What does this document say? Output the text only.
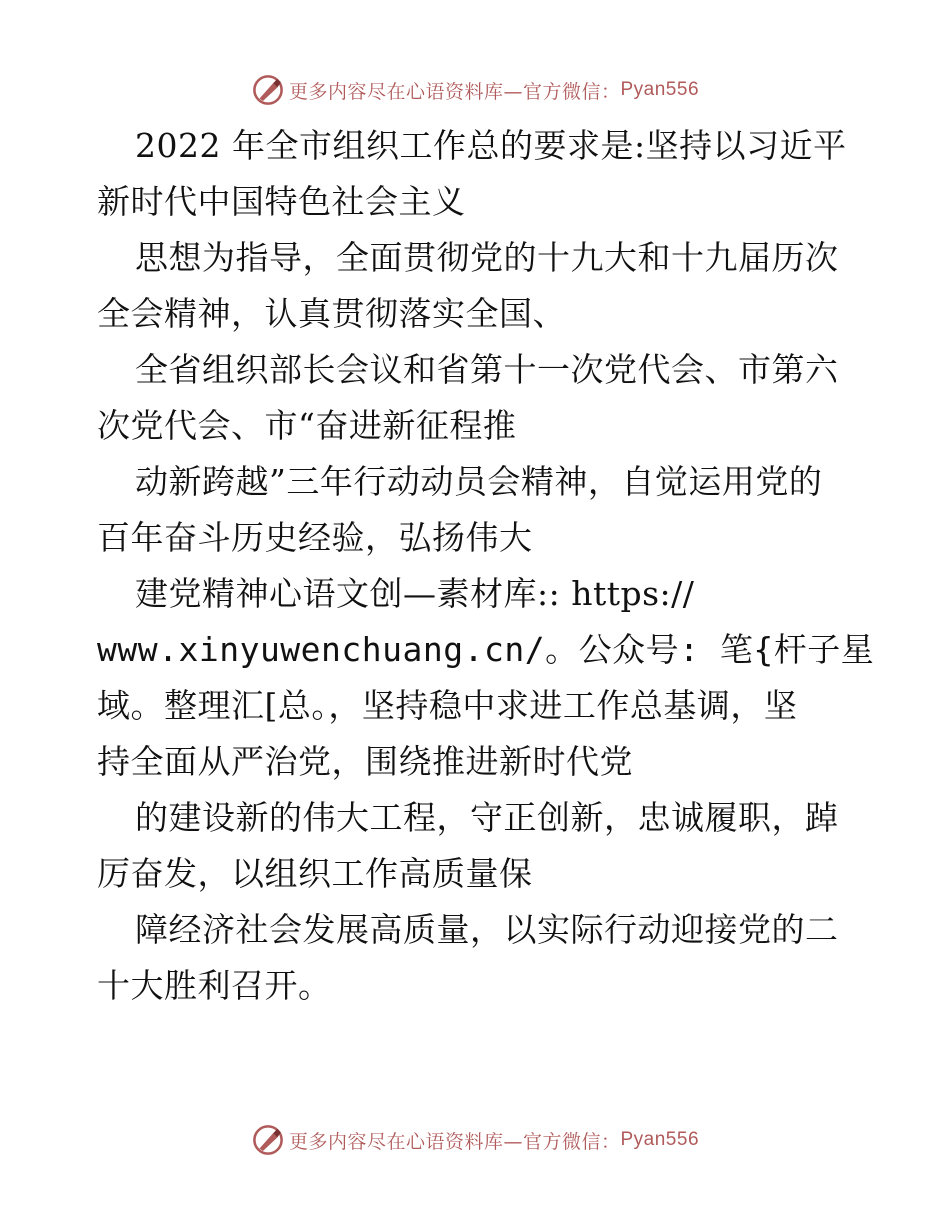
更多内容尽在心语资料库—官方微信： Pyan556
2022 年全市组织工作总的要求是:坚持以习近平
新时代中国特色社会主义
思想为指导，全面贯彻党的十九大和十九届历次
全会精神，认真贯彻落实全国、
全省组织部长会议和省第十一次党代会、市第六
次党代会、市“奋进新征程推
动新跨越”三年行动动员会精神，自觉运用党的
百年奋斗历史经验，弘扬伟大
建党精神心语文创—素材库:: https://
www.xinyuwenchuang.cn/。公众号: 笔{杆子星
域。整理汇[总。，坚持稳中求进工作总基调，坚
持全面从严治党，围绕推进新时代党
的建设新的伟大工程，守正创新，忠诚履职，踔
厉奋发，以组织工作高质量保
障经济社会发展高质量，以实际行动迎接党的二
十大胜利召开。
更多内容尽在心语资料库—官方微信： Pyan556
